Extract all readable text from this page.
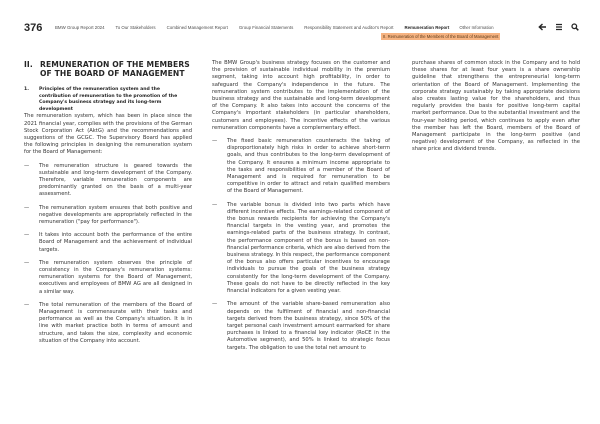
376	BMW Group Report 2024	To Our Stakeholders	Combined Management Report	Group Financial Statements	Responsibility Statement and Auditor's Report	Remuneration Report Other Information
II. Remuneration of the Members of the Board of Management
II. REMUNERATION OF THE MEMBERS OF THE BOARD OF MANAGEMENT
1.	Principles of the remuneration system and the contribution of remuneration to the promotion of the Company's business strategy and its long-term development

The remuneration system, which has been in place since the 2021 financial year, complies with the provisions of the German Stock Corporation Act (AktG) and the recommendations and suggestions of the GCGC. The Supervisory Board has applied the following principles in designing the remuneration system for the Board of Management:

—	The remuneration structure is geared towards the sustainable and long-term development of the Company. Therefore, variable remuneration components are predominantly granted on the basis of a multi-year assessment.
—	The remuneration system ensures that both positive and negative developments are appropriately reflected in the remuneration ("pay for performance").
—	It takes into account both the performance of the entire Board of Management and the achievement of individual targets.
—	The remuneration system observes the principle of consistency in the Company's remuneration systems: remuneration systems for the Board of Management, executives and employees of BMW AG are all designed in a similar way.
—	The total remuneration of the members of the Board of Management is commensurate with their tasks and performance as well as the Company's situation. It is in line with market practice both in terms of amount and structure, and takes the size, complexity and economic situation of the Company into account.

The BMW Group's business strategy focuses on the customer and the provision of sustainable individual mobility in the premium segment, taking into account high profitability, in order to safeguard the Company's independence in the future. The remuneration system contributes to the implementation of the business strategy and the sustainable and long-term development of the Company. It also takes into account the concerns of the Company's important stakeholders (in particular shareholders, customers and employees). The incentive effects of the various remuneration components have a complementary effect.

—	The fixed basic remuneration counteracts the taking of disproportionately high risks in order to achieve short-term goals, and thus contributes to the long-term development of the Company. It ensures a minimum income appropriate to the tasks and responsibilities of a member of the Board of Management and is required for remuneration to be competitive in order to attract and retain qualified members of the Board of Management.
—	The variable bonus is divided into two parts which have different incentive effects. The earnings-related component of the bonus rewards recipients for achieving the Company's financial targets in the vesting year, and promotes the earnings-related parts of the business strategy. In contrast, the performance component of the bonus is based on non-financial performance criteria, which are also derived from the business strategy. In this respect, the performance component of the bonus also offers particular incentives to encourage individuals to pursue the goals of the business strategy consistently for the long-term development of the Company. These goals do not have to be directly reflected in the key financial indicators for a given vesting year.
—	The amount of the variable share-based remuneration also depends on the fulfilment of financial and non-financial targets derived from the business strategy, since 50% of the target personal cash investment amount earmarked for share purchases is linked to a financial key indicator (RoCE in the Automotive segment), and 50% is linked to strategic focus targets. The obligation to use the total net amount to

purchase shares of common stock in the Company and to hold these shares for at least four years is a share ownership guideline that strengthens the entrepreneurial long-term orientation of the Board of Management. Implementing the corporate strategy sustainably by taking appropriate decisions also creates lasting value for the shareholders, and thus regularly provides the basis for positive long-term capital market performance. Due to the substantial investment and the four-year holding period, which continues to apply even after the member has left the Board, members of the Board of Management participate in the long-term positive (and negative) development of the Company, as reflected in the share price and dividend trends.
